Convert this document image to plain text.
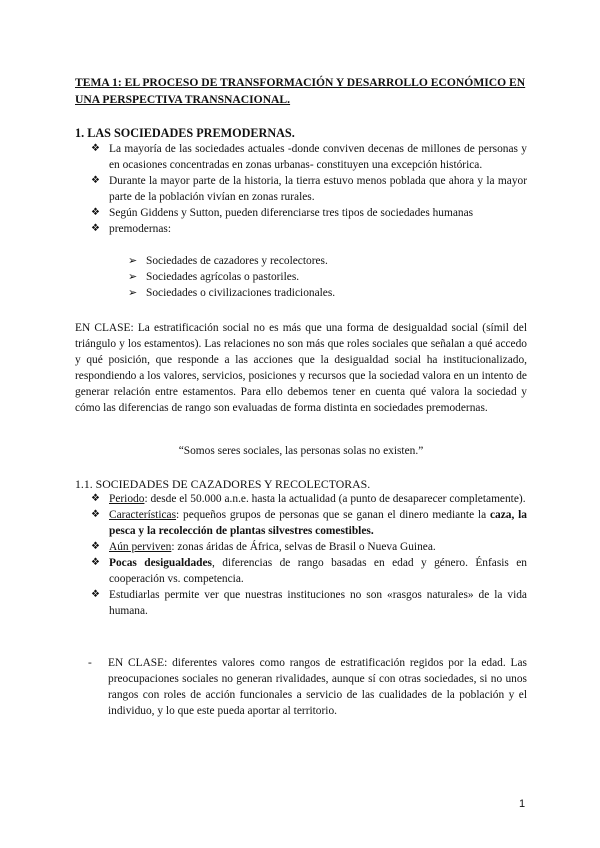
TEMA 1: EL PROCESO DE TRANSFORMACIÓN Y DESARROLLO ECONÓMICO EN UNA PERSPECTIVA TRANSNACIONAL.

1. LAS SOCIEDADES PREMODERNAS.

❖ La mayoría de las sociedades actuales -donde conviven decenas de millones de personas y en ocasiones concentradas en zonas urbanas- constituyen una excepción histórica.
❖ Durante la mayor parte de la historia, la tierra estuvo menos poblada que ahora y la mayor parte de la población vivían en zonas rurales.
❖ Según Giddens y Sutton, pueden diferenciarse tres tipos de sociedades humanas
❖ premodernas:
➢ Sociedades de cazadores y recolectores.
➢ Sociedades agrícolas o pastoriles.
➢ Sociedades o civilizaciones tradicionales.

EN CLASE: La estratificación social no es más que una forma de desigualdad social (símil del triángulo y los estamentos). Las relaciones no son más que roles sociales que señalan a qué accedo y qué posición, que responde a las acciones que la desigualdad social ha institucionalizado, respondiendo a los valores, servicios, posiciones y recursos que la sociedad valora en un intento de generar relación entre estamentos. Para ello debemos tener en cuenta qué valora la sociedad y cómo las diferencias de rango son evaluadas de forma distinta en sociedades premodernas.

“Somos seres sociales, las personas solas no existen.”

1.1. SOCIEDADES DE CAZADORES Y RECOLECTORAS.

❖ Periodo: desde el 50.000 a.n.e. hasta la actualidad (a punto de desaparecer completamente).
❖ Características: pequeños grupos de personas que se ganan el dinero mediante la caza, la pesca y la recolección de plantas silvestres comestibles.
❖ Aún perviven: zonas áridas de África, selvas de Brasil o Nueva Guinea.
❖ Pocas desigualdades, diferencias de rango basadas en edad y género. Énfasis en cooperación vs. competencia.
❖ Estudiarlas permite ver que nuestras instituciones no son «rasgos naturales» de la vida humana.
- EN CLASE: diferentes valores como rangos de estratificación regidos por la edad. Las preocupaciones sociales no generan rivalidades, aunque sí con otras sociedades, si no unos rangos con roles de acción funcionales a servicio de las cualidades de la población y el individuo, y lo que este pueda aportar al territorio.

1
